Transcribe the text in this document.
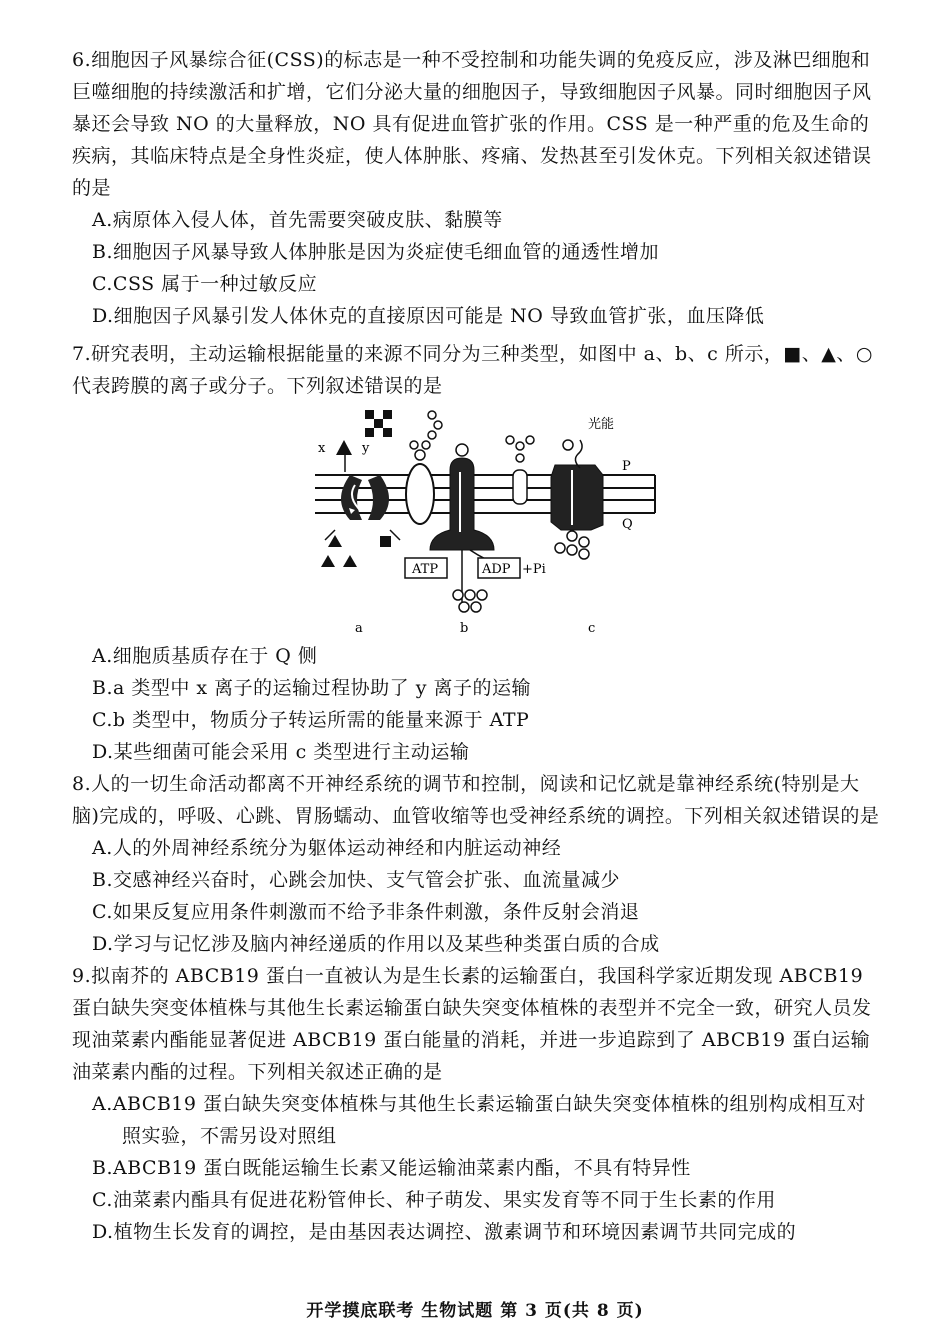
6.细胞因子风暴综合征(CSS)的标志是一种不受控制和功能失调的免疫反应，涉及淋巴细胞和巨噬细胞的持续激活和扩增，它们分泌大量的细胞因子，导致细胞因子风暴。同时细胞因子风暴还会导致 NO 的大量释放，NO 具有促进血管扩张的作用。CSS 是一种严重的危及生命的疾病，其临床特点是全身性炎症，使人体肿胀、疼痛、发热甚至引发休克。下列相关叙述错误的是
A.病原体入侵人体，首先需要突破皮肤、黏膜等
B.细胞因子风暴导致人体肿胀是因为炎症使毛细血管的通透性增加
C.CSS 属于一种过敏反应
D.细胞因子风暴引发人体休克的直接原因可能是 NO 导致血管扩张，血压降低
7.研究表明，主动运输根据能量的来源不同分为三种类型，如图中 a、b、c 所示，■、▲、○代表跨膜的离子或分子。下列叙述错误的是
x	y
ATP	ADP +Pi
光能
P
Q
a	b	c
A.细胞质基质存在于 Q 侧
B.a 类型中 x 离子的运输过程协助了 y 离子的运输
C.b 类型中，物质分子转运所需的能量来源于 ATP
D.某些细菌可能会采用 c 类型进行主动运输
8.人的一切生命活动都离不开神经系统的调节和控制，阅读和记忆就是靠神经系统(特别是大脑)完成的，呼吸、心跳、胃肠蠕动、血管收缩等也受神经系统的调控。下列相关叙述错误的是
A.人的外周神经系统分为躯体运动神经和内脏运动神经
B.交感神经兴奋时，心跳会加快、支气管会扩张、血流量减少
C.如果反复应用条件刺激而不给予非条件刺激，条件反射会消退
D.学习与记忆涉及脑内神经递质的作用以及某些种类蛋白质的合成
9.拟南芥的 ABCB19 蛋白一直被认为是生长素的运输蛋白，我国科学家近期发现 ABCB19 蛋白缺失突变体植株与其他生长素运输蛋白缺失突变体植株的表型并不完全一致，研究人员发现油菜素内酯能显著促进 ABCB19 蛋白能量的消耗，并进一步追踪到了 ABCB19 蛋白运输油菜素内酯的过程。下列相关叙述正确的是
A.ABCB19 蛋白缺失突变体植株与其他生长素运输蛋白缺失突变体植株的组别构成相互对
照实验，不需另设对照组
B.ABCB19 蛋白既能运输生长素又能运输油菜素内酯，不具有特异性
C.油菜素内酯具有促进花粉管伸长、种子萌发、果实发育等不同于生长素的作用
D.植物生长发育的调控，是由基因表达调控、激素调节和环境因素调节共同完成的
开学摸底联考 生物试题 第 3 页(共 8 页)
